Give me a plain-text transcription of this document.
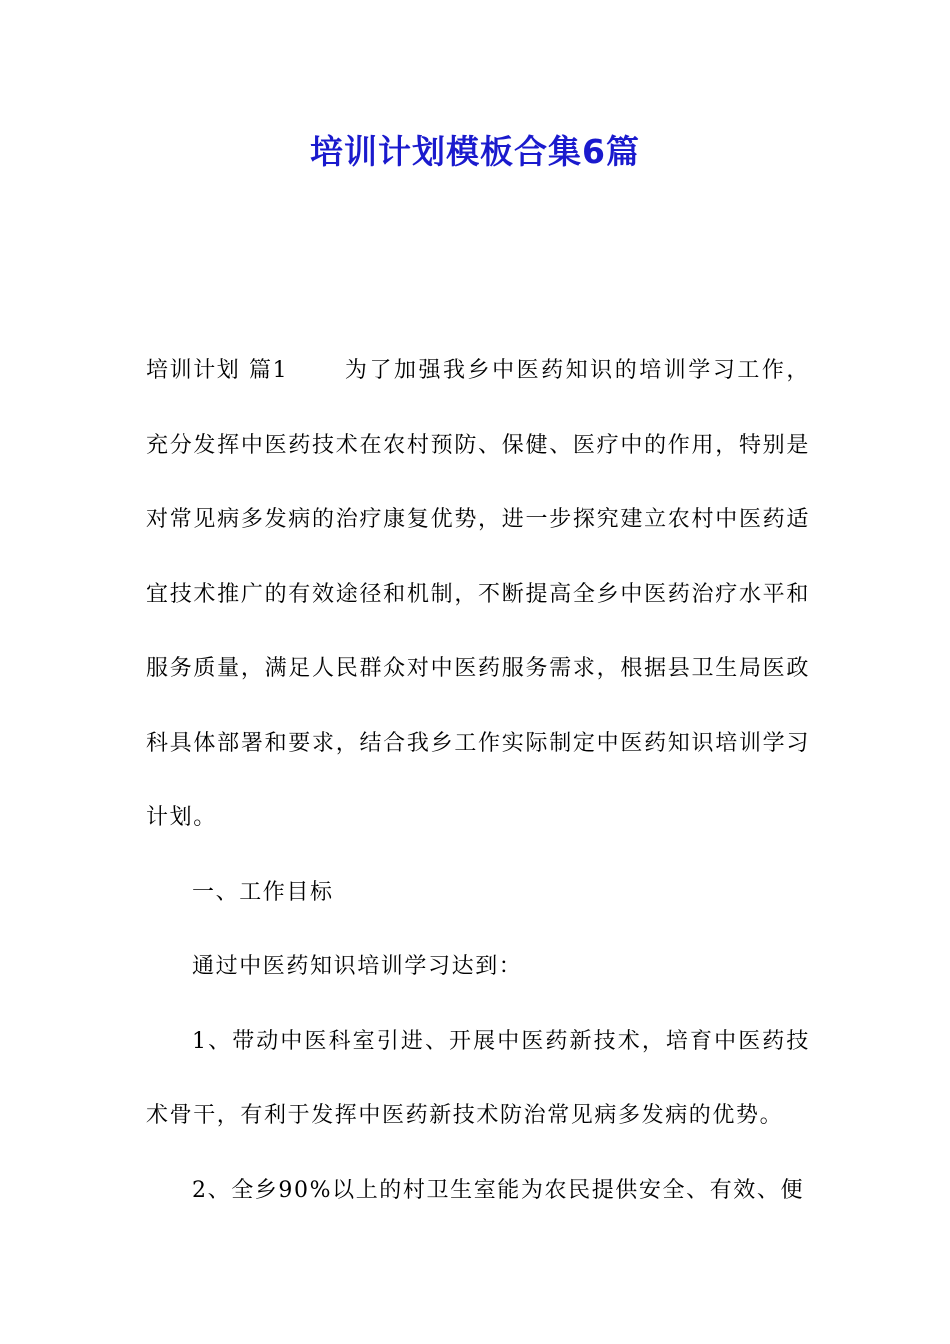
培训计划模板合集6篇

培训计划 篇1	为了加强我乡中医药知识的培训学习工作，充分发挥中医药技术在农村预防、保健、医疗中的作用，特别是对常见病多发病的治疗康复优势，进一步探究建立农村中医药适宜技术推广的有效途径和机制，不断提高全乡中医药治疗水平和服务质量，满足人民群众对中医药服务需求，根据县卫生局医政科具体部署和要求，结合我乡工作实际制定中医药知识培训学习计划。

一、工作目标

通过中医药知识培训学习达到：

1、带动中医科室引进、开展中医药新技术，培育中医药技术骨干，有利于发挥中医药新技术防治常见病多发病的优势。

2、全乡90%以上的村卫生室能为农民提供安全、有效、便
